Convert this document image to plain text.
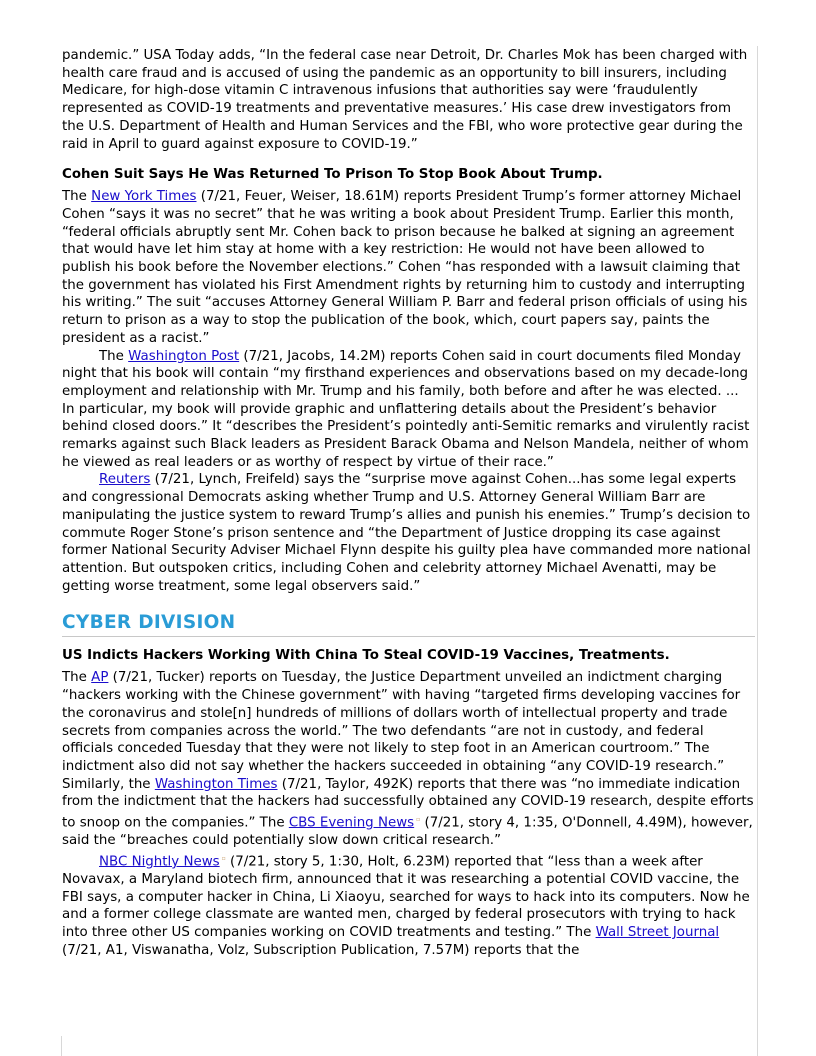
pandemic.” USA Today adds, “In the federal case near Detroit, Dr. Charles Mok has been charged with health care fraud and is accused of using the pandemic as an opportunity to bill insurers, including Medicare, for high-dose vitamin C intravenous infusions that authorities say were ‘fraudulently represented as COVID-19 treatments and preventative measures.’ His case drew investigators from the U.S. Department of Health and Human Services and the FBI, who wore protective gear during the raid in April to guard against exposure to COVID-19.”

Cohen Suit Says He Was Returned To Prison To Stop Book About Trump.

The New York Times (7/21, Feuer, Weiser, 18.61M) reports President Trump’s former attorney Michael Cohen “says it was no secret” that he was writing a book about President Trump. Earlier this month, “federal officials abruptly sent Mr. Cohen back to prison because he balked at signing an agreement that would have let him stay at home with a key restriction: He would not have been allowed to publish his book before the November elections.” Cohen “has responded with a lawsuit claiming that the government has violated his First Amendment rights by returning him to custody and interrupting his writing.” The suit “accuses Attorney General William P. Barr and federal prison officials of using his return to prison as a way to stop the publication of the book, which, court papers say, paints the president as a racist.”

The Washington Post (7/21, Jacobs, 14.2M) reports Cohen said in court documents filed Monday night that his book will contain “my firsthand experiences and observations based on my decade-long employment and relationship with Mr. Trump and his family, both before and after he was elected. ... In particular, my book will provide graphic and unflattering details about the President’s behavior behind closed doors.” It “describes the President’s pointedly anti-Semitic remarks and virulently racist remarks against such Black leaders as President Barack Obama and Nelson Mandela, neither of whom he viewed as real leaders or as worthy of respect by virtue of their race.”

Reuters (7/21, Lynch, Freifeld) says the “surprise move against Cohen...has some legal experts and congressional Democrats asking whether Trump and U.S. Attorney General William Barr are manipulating the justice system to reward Trump’s allies and punish his enemies.” Trump’s decision to commute Roger Stone’s prison sentence and “the Department of Justice dropping its case against former National Security Adviser Michael Flynn despite his guilty plea have commanded more national attention. But outspoken critics, including Cohen and celebrity attorney Michael Avenatti, may be getting worse treatment, some legal observers said.”

CYBER DIVISION
US Indicts Hackers Working With China To Steal COVID-19 Vaccines, Treatments.

The AP (7/21, Tucker) reports on Tuesday, the Justice Department unveiled an indictment charging “hackers working with the Chinese government” with having “targeted firms developing vaccines for the coronavirus and stole[n] hundreds of millions of dollars worth of intellectual property and trade secrets from companies across the world.” The two defendants “are not in custody, and federal officials conceded Tuesday that they were not likely to step foot in an American courtroom.” The indictment also did not say whether the hackers succeeded in obtaining “any COVID-19 research.” Similarly, the Washington Times (7/21, Taylor, 492K) reports that there was “no immediate indication from the indictment that the hackers had successfully obtained any COVID-19 research, despite efforts to snoop on the companies.” The CBS Evening News ▫ (7/21, story 4, 1:35, O'Donnell, 4.49M), however, said the “breaches could potentially slow down critical research.”

NBC Nightly News ▫ (7/21, story 5, 1:30, Holt, 6.23M) reported that “less than a week after Novavax, a Maryland biotech firm, announced that it was researching a potential COVID vaccine, the FBI says, a computer hacker in China, Li Xiaoyu, searched for ways to hack into its computers. Now he and a former college classmate are wanted men, charged by federal prosecutors with trying to hack into three other US companies working on COVID treatments and testing.” The Wall Street Journal (7/21, A1, Viswanatha, Volz, Subscription Publication, 7.57M) reports that the
